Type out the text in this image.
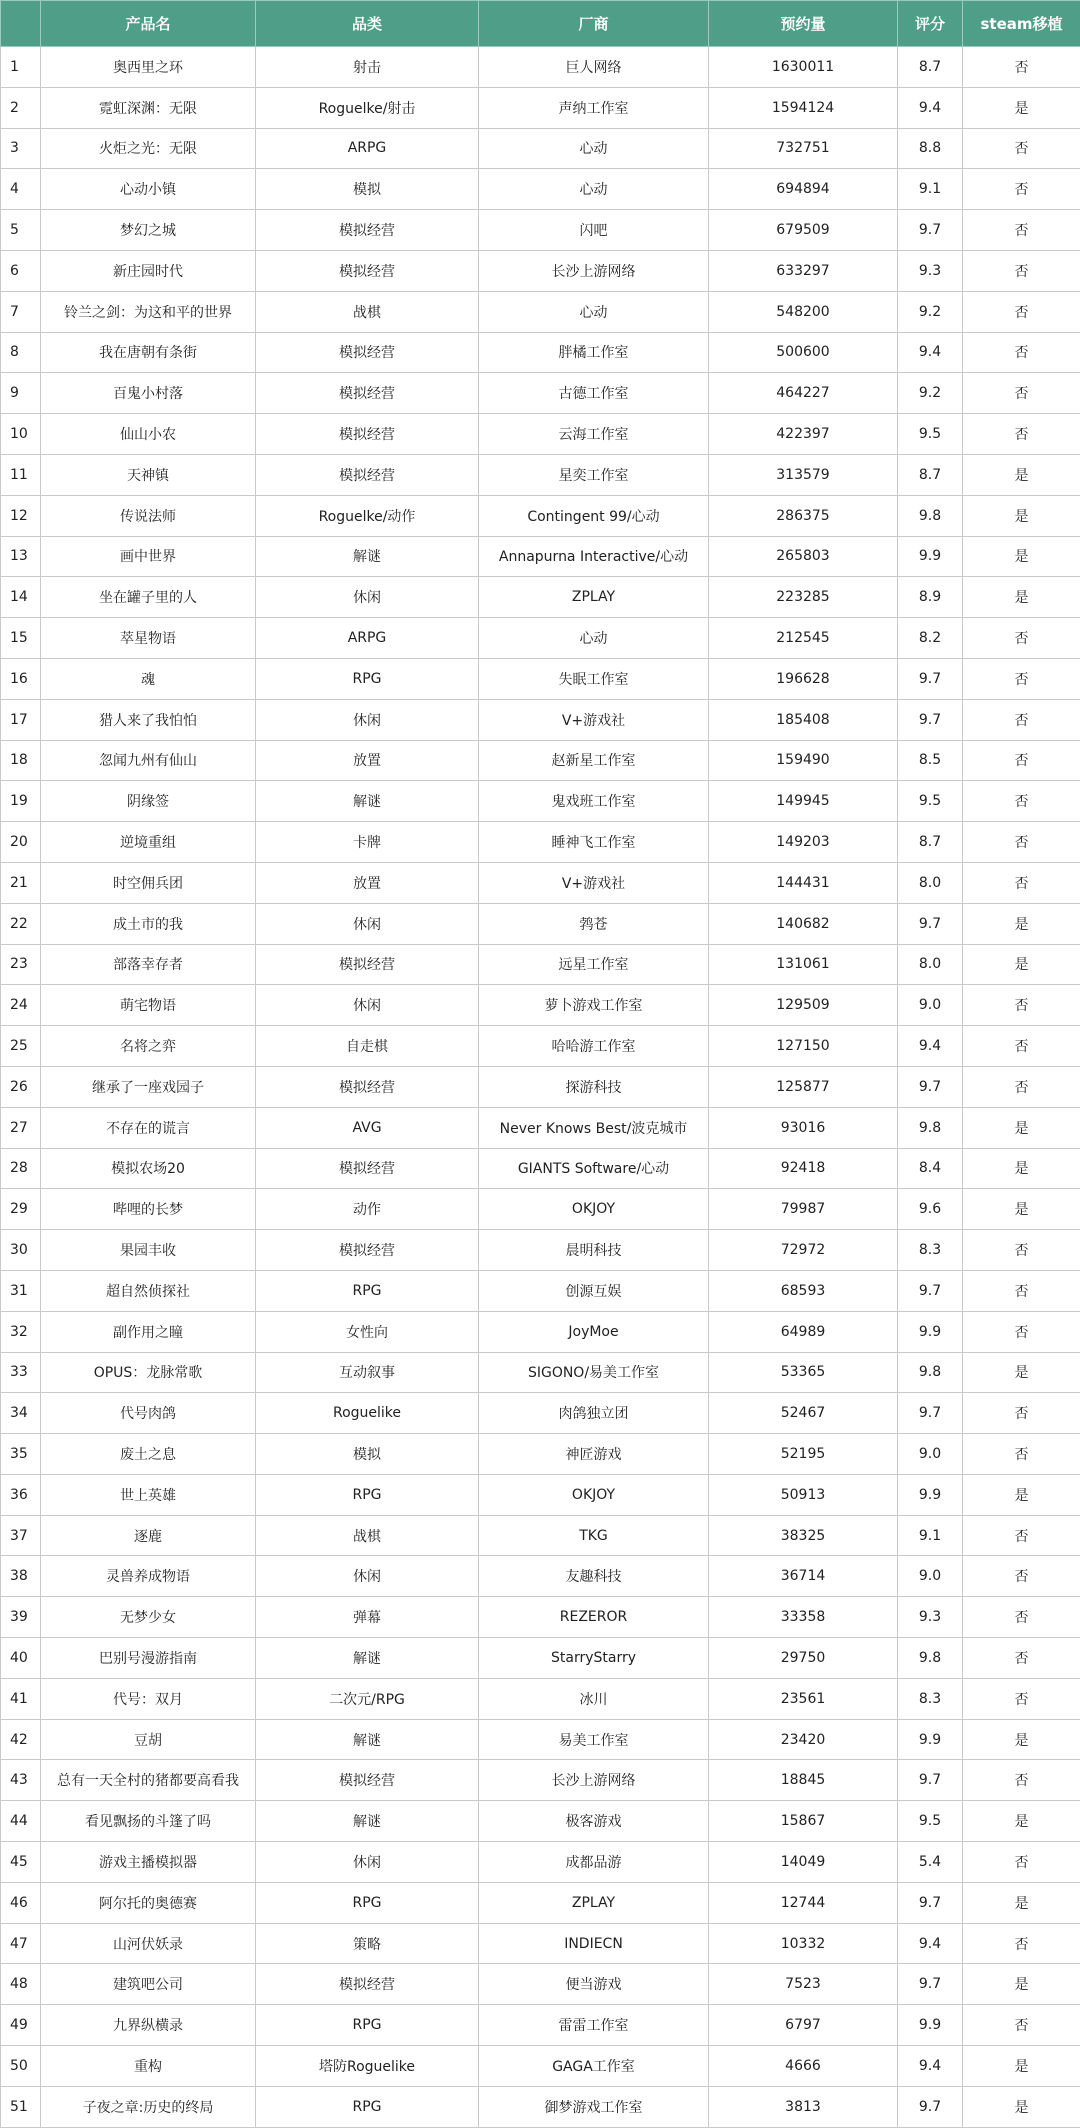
	产品名	品类	厂商	预约量	评分	steam移植
1	奥西里之环	射击	巨人网络	1630011	8.7	否
2	霓虹深渊：无限	Roguelke/射击	声纳工作室	1594124	9.4	是
3	火炬之光：无限	ARPG	心动	732751	8.8	否
4	心动小镇	模拟	心动	694894	9.1	否
5	梦幻之城	模拟经营	闪吧	679509	9.7	否
6	新庄园时代	模拟经营	长沙上游网络	633297	9.3	否
7	铃兰之剑：为这和平的世界	战棋	心动	548200	9.2	否
8	我在唐朝有条街	模拟经营	胖橘工作室	500600	9.4	否
9	百鬼小村落	模拟经营	古德工作室	464227	9.2	否
10	仙山小农	模拟经营	云海工作室	422397	9.5	否
11	天神镇	模拟经营	星奕工作室	313579	8.7	是
12	传说法师	Roguelke/动作	Contingent 99/心动	286375	9.8	是
13	画中世界	解谜	Annapurna Interactive/心动	265803	9.9	是
14	坐在罐子里的人	休闲	ZPLAY	223285	8.9	是
15	萃星物语	ARPG	心动	212545	8.2	否
16	魂	RPG	失眠工作室	196628	9.7	否
17	猎人来了我怕怕	休闲	V+游戏社	185408	9.7	否
18	忽闻九州有仙山	放置	赵新星工作室	159490	8.5	否
19	阴缘签	解谜	鬼戏班工作室	149945	9.5	否
20	逆境重组	卡牌	睡神飞工作室	149203	8.7	否
21	时空佣兵团	放置	V+游戏社	144431	8.0	否
22	成土市的我	休闲	鹁苍	140682	9.7	是
23	部落幸存者	模拟经营	远星工作室	131061	8.0	是
24	萌宅物语	休闲	萝卜游戏工作室	129509	9.0	否
25	名将之弈	自走棋	哈哈游工作室	127150	9.4	否
26	继承了一座戏园子	模拟经营	探游科技	125877	9.7	否
27	不存在的谎言	AVG	Never Knows Best/波克城市	93016	9.8	是
28	模拟农场20	模拟经营	GIANTS Software/心动	92418	8.4	是
29	哔哩的长梦	动作	OKJOY	79987	9.6	是
30	果园丰收	模拟经营	晨明科技	72972	8.3	否
31	超自然侦探社	RPG	创源互娱	68593	9.7	否
32	副作用之瞳	女性向	JoyMoe	64989	9.9	否
33	OPUS：龙脉常歌	互动叙事	SIGONO/易美工作室	53365	9.8	是
34	代号肉鸽	Roguelike	肉鸽独立团	52467	9.7	否
35	废土之息	模拟	神匠游戏	52195	9.0	否
36	世上英雄	RPG	OKJOY	50913	9.9	是
37	逐鹿	战棋	TKG	38325	9.1	否
38	灵兽养成物语	休闲	友趣科技	36714	9.0	否
39	无梦少女	弹幕	REZEROR	33358	9.3	否
40	巴别号漫游指南	解谜	StarryStarry	29750	9.8	否
41	代号：双月	二次元/RPG	冰川	23561	8.3	否
42	豆胡	解谜	易美工作室	23420	9.9	是
43	总有一天全村的猪都要高看我	模拟经营	长沙上游网络	18845	9.7	否
44	看见飘扬的斗篷了吗	解谜	极客游戏	15867	9.5	是
45	游戏主播模拟器	休闲	成都品游	14049	5.4	否
46	阿尔托的奥德赛	RPG	ZPLAY	12744	9.7	是
47	山河伏妖录	策略	INDIECN	10332	9.4	否
48	建筑吧公司	模拟经营	便当游戏	7523	9.7	是
49	九界纵横录	RPG	雷雷工作室	6797	9.9	否
50	重构	塔防Roguelike	GAGA工作室	4666	9.4	是
51	子夜之章:历史的终局	RPG	御梦游戏工作室	3813	9.7	是
